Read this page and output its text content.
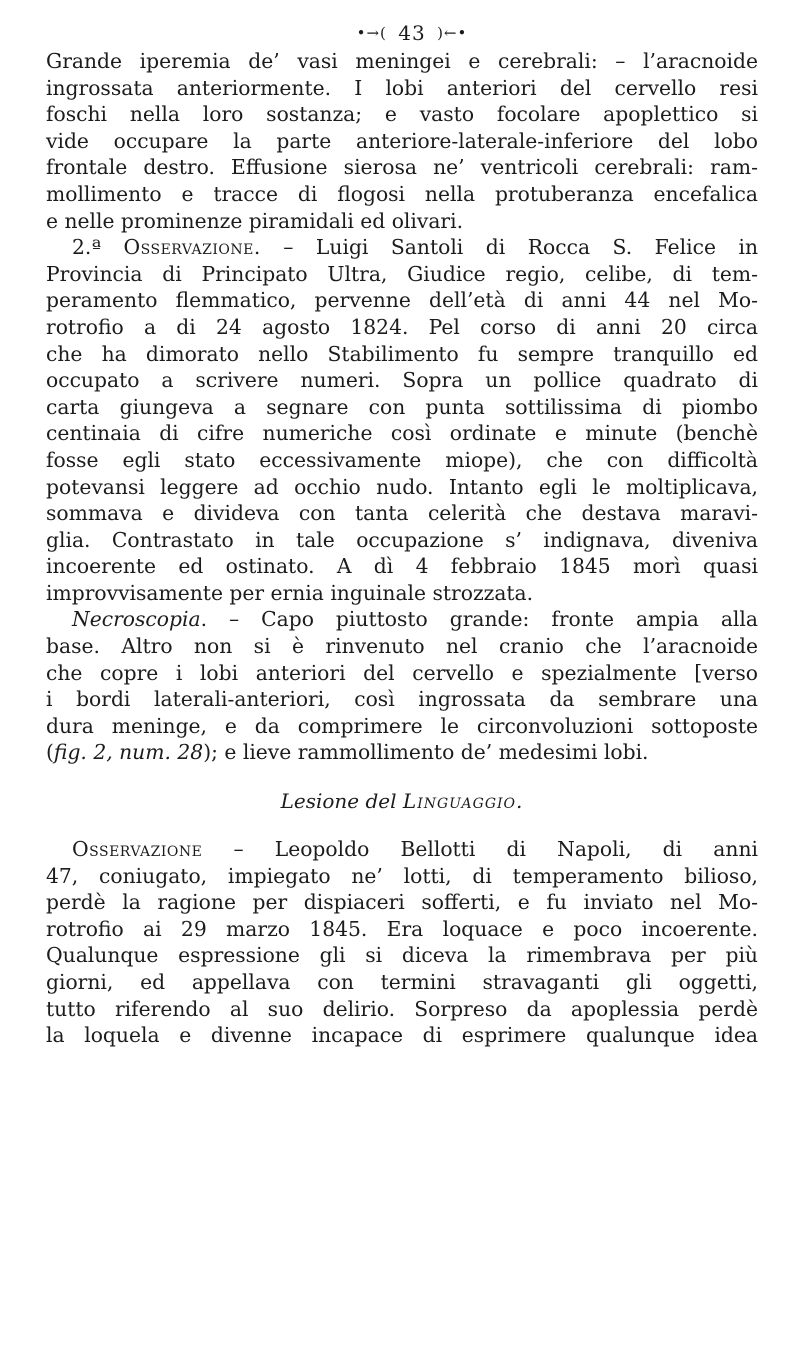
•→( 43 )←•
Grande iperemia de’ vasi meningei e cerebrali: – l’aracnoide
ingrossata anteriormente. I lobi anteriori del cervello resi
foschi nella loro sostanza; e vasto focolare apoplettico si
vide occupare la parte anteriore-laterale-inferiore del lobo
frontale destro. Effusione sierosa ne’ ventricoli cerebrali: ram-
mollimento e tracce di flogosi nella protuberanza encefalica
e nelle prominenze piramidali ed olivari.
2.ª Osservazione. – Luigi Santoli di Rocca S. Felice in
Provincia di Principato Ultra, Giudice regio, celibe, di tem-
peramento flemmatico, pervenne dell’età di anni 44 nel Mo-
rotrofio a di 24 agosto 1824. Pel corso di anni 20 circa
che ha dimorato nello Stabilimento fu sempre tranquillo ed
occupato a scrivere numeri. Sopra un pollice quadrato di
carta giungeva a segnare con punta sottilissima di piombo
centinaia di cifre numeriche così ordinate e minute (benchè
fosse egli stato eccessivamente miope), che con difficoltà
potevansi leggere ad occhio nudo. Intanto egli le moltiplicava,
sommava e divideva con tanta celerità che destava maravi-
glia. Contrastato in tale occupazione s’ indignava, diveniva
incoerente ed ostinato. A dì 4 febbraio 1845 morì quasi
improvvisamente per ernia inguinale strozzata.
Necroscopia. – Capo piuttosto grande: fronte ampia alla
base. Altro non si è rinvenuto nel cranio che l’aracnoide
che copre i lobi anteriori del cervello e spezialmente [verso
i bordi laterali-anteriori, così ingrossata da sembrare una
dura meninge, e da comprimere le circonvoluzioni sottoposte
(fig. 2, num. 28); e lieve rammollimento de’ medesimi lobi.
Lesione del Linguaggio.
Osservazione – Leopoldo Bellotti di Napoli, di anni
47, coniugato, impiegato ne’ lotti, di temperamento bilioso,
perdè la ragione per dispiaceri sofferti, e fu inviato nel Mo-
rotrofio ai 29 marzo 1845. Era loquace e poco incoerente.
Qualunque espressione gli si diceva la rimembrava per più
giorni, ed appellava con termini stravaganti gli oggetti,
tutto riferendo al suo delirio. Sorpreso da apoplessia perdè
la loquela e divenne incapace di esprimere qualunque idea
